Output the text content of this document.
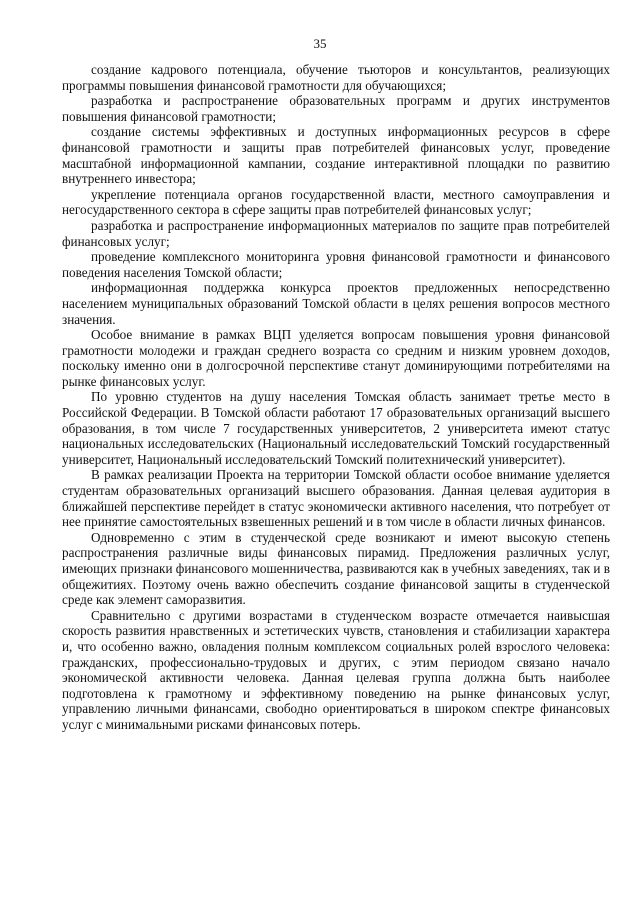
35

создание кадрового потенциала, обучение тьюторов и консультантов, реализующих программы повышения финансовой грамотности для обучающихся;

разработка и распространение образовательных программ и других инструментов повышения финансовой грамотности;

создание системы эффективных и доступных информационных ресурсов в сфере финансовой грамотности и защиты прав потребителей финансовых услуг, проведение масштабной информационной кампании, создание интерактивной площадки по развитию внутреннего инвестора;

укрепление потенциала органов государственной власти, местного самоуправления и негосударственного сектора в сфере защиты прав потребителей финансовых услуг;

разработка и распространение информационных материалов по защите прав потребителей финансовых услуг;

проведение комплексного мониторинга уровня финансовой грамотности и финансового поведения населения Томской области;

информационная поддержка конкурса проектов предложенных непосредственно населением муниципальных образований Томской области в целях решения вопросов местного значения.

Особое внимание в рамках ВЦП уделяется вопросам повышения уровня финансовой грамотности молодежи и граждан среднего возраста со средним и низким уровнем доходов, поскольку именно они в долгосрочной перспективе станут доминирующими потребителями на рынке финансовых услуг.

По уровню студентов на душу населения Томская область занимает третье место в Российской Федерации. В Томской области работают 17 образовательных организаций высшего образования, в том числе 7 государственных университетов, 2 университета имеют статус национальных исследовательских (Национальный исследовательский Томский государственный университет, Национальный исследовательский Томский политехнический университет).

В рамках реализации Проекта на территории Томской области особое внимание уделяется студентам образовательных организаций высшего образования. Данная целевая аудитория в ближайшей перспективе перейдет в статус экономически активного населения, что потребует от нее принятие самостоятельных взвешенных решений и в том числе в области личных финансов.

Одновременно с этим в студенческой среде возникают и имеют высокую степень распространения различные виды финансовых пирамид. Предложения различных услуг, имеющих признаки финансового мошенничества, развиваются как в учебных заведениях, так и в общежитиях. Поэтому очень важно обеспечить создание финансовой защиты в студенческой среде как элемент саморазвития.

Сравнительно с другими возрастами в студенческом возрасте отмечается наивысшая скорость развития нравственных и эстетических чувств, становления и стабилизации характера и, что особенно важно, овладения полным комплексом социальных ролей взрослого человека: гражданских, профессионально-трудовых и других, с этим периодом связано начало экономической активности человека. Данная целевая группа должна быть наиболее подготовлена к грамотному и эффективному поведению на рынке финансовых услуг, управлению личными финансами, свободно ориентироваться в широком спектре финансовых услуг с минимальными рисками финансовых потерь.
